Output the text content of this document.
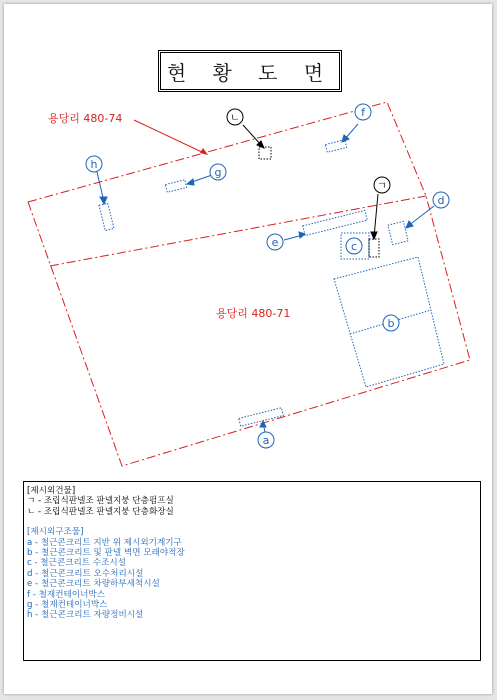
a
b
c
d
e
f
g
h
ㄱ
ㄴ
현 황 도 면
용당리 480-74
용당리 480-71
[제시외건물]
ㄱ - 조립식판넬조 판넬지붕 단층펌프실
ㄴ - 조립식판넬조 판넬지붕 단층화장실
[제시외구조물]
a - 철근콘크리트 지반 위 제시외기계기구
b - 철근콘크리트 및 판넬 벽면 모래야적장
c - 철근콘크리트 수조시설
d - 철근콘크리트 오수처리시설
e - 철근콘크리트 차량하부세척시설
f - 철재컨테이너박스
g - 철재컨테이너박스
h - 철근콘크리트 자량정비시설
